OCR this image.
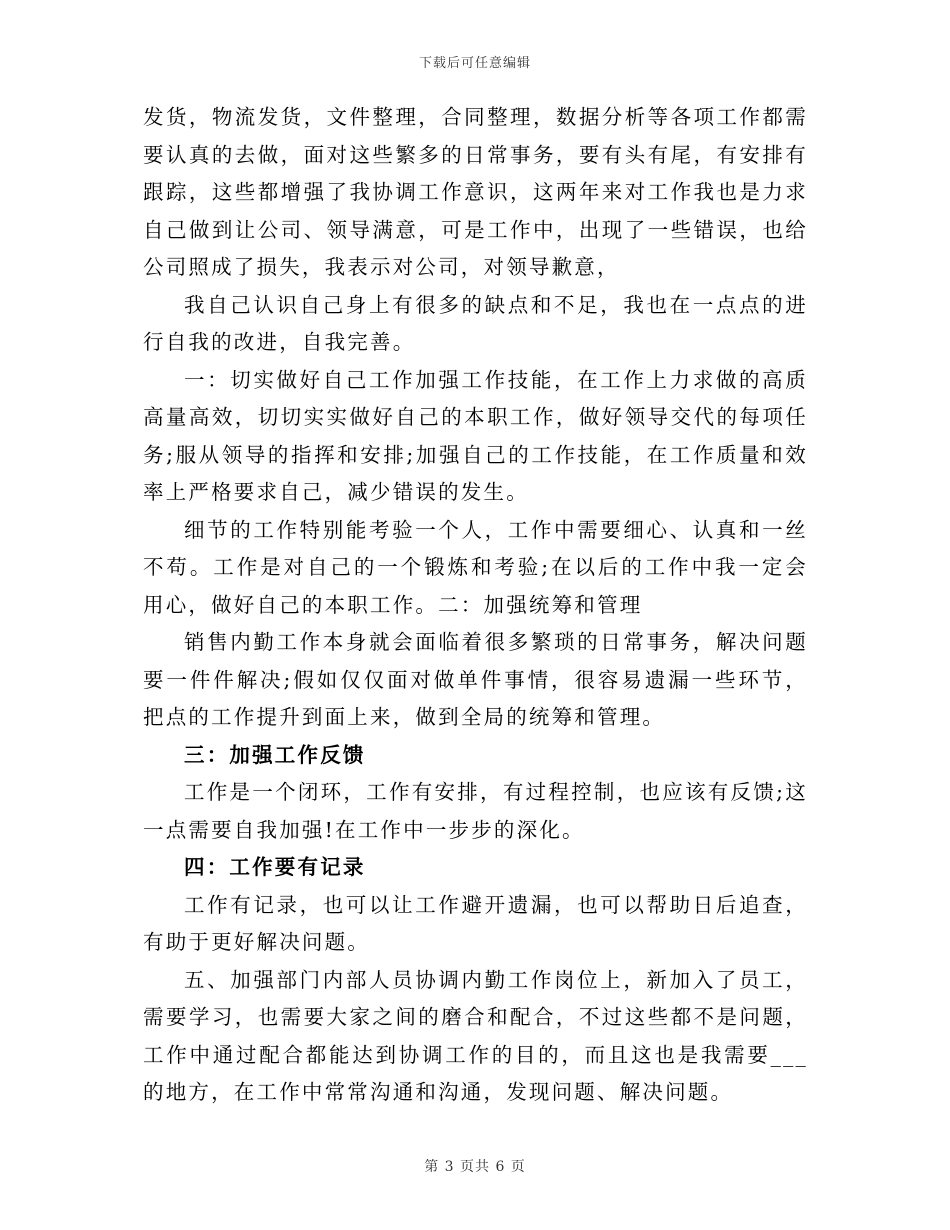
下载后可任意编辑

发货，物流发货，文件整理，合同整理，数据分析等各项工作都需要认真的去做，面对这些繁多的日常事务，要有头有尾，有安排有跟踪，这些都增强了我协调工作意识，这两年来对工作我也是力求自己做到让公司、领导满意，可是工作中，出现了一些错误，也给公司照成了损失，我表示对公司，对领导歉意，

我自己认识自己身上有很多的缺点和不足，我也在一点点的进行自我的改进，自我完善。

一：切实做好自己工作加强工作技能，在工作上力求做的高质高量高效，切切实实做好自己的本职工作，做好领导交代的每项任务;服从领导的指挥和安排;加强自己的工作技能，在工作质量和效率上严格要求自己，减少错误的发生。

细节的工作特别能考验一个人，工作中需要细心、认真和一丝不苟。工作是对自己的一个锻炼和考验;在以后的工作中我一定会用心，做好自己的本职工作。二：加强统筹和管理

销售内勤工作本身就会面临着很多繁琐的日常事务，解决问题要一件件解决;假如仅仅面对做单件事情，很容易遗漏一些环节，把点的工作提升到面上来，做到全局的统筹和管理。

三：加强工作反馈

工作是一个闭环，工作有安排，有过程控制，也应该有反馈;这一点需要自我加强!在工作中一步步的深化。

四：工作要有记录

工作有记录，也可以让工作避开遗漏，也可以帮助日后追查，有助于更好解决问题。

五、加强部门内部人员协调内勤工作岗位上，新加入了员工，需要学习，也需要大家之间的磨合和配合，不过这些都不是问题，工作中通过配合都能达到协调工作的目的，而且这也是我需要___的地方，在工作中常常沟通和沟通，发现问题、解决问题。

第 3 页共 6 页
